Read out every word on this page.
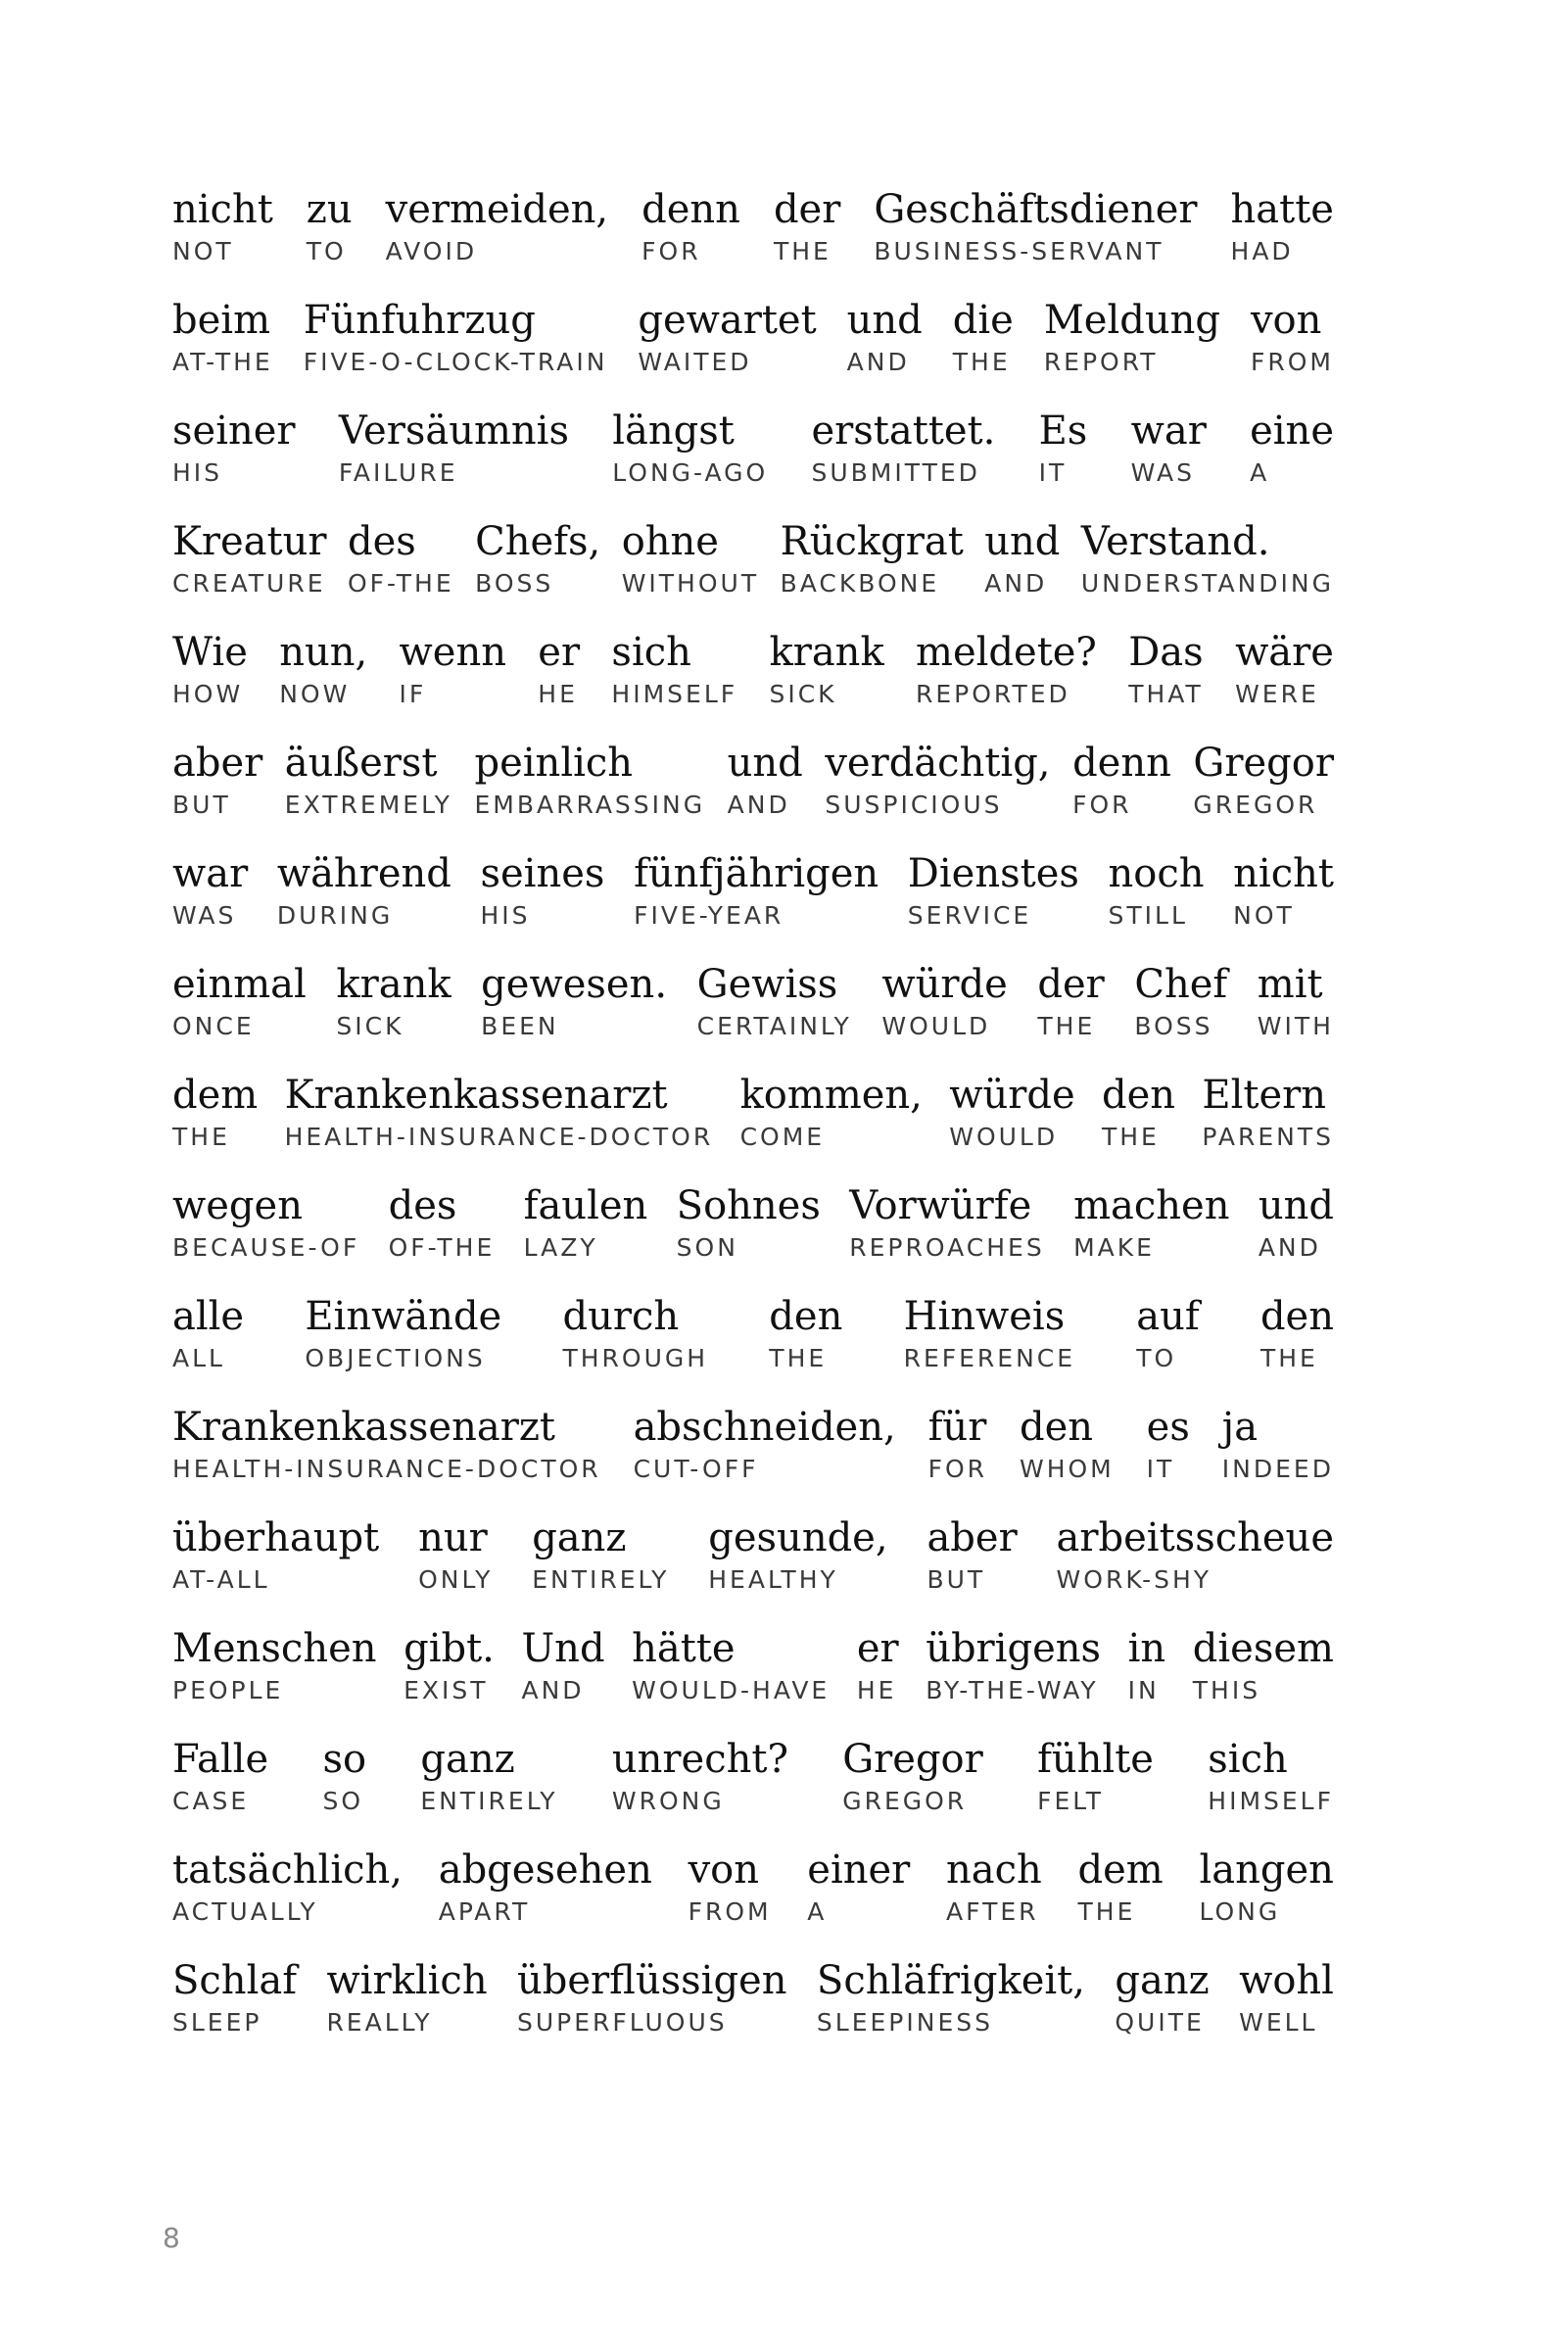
nicht
NOT
zu
TO
vermeiden,
AVOID
denn
FOR
der
THE
Geschäftsdiener
BUSINESS-SERVANT
hatte
HAD
beim
AT-THE
Fünfuhrzug
FIVE-O-CLOCK-TRAIN
gewartet
WAITED
und
AND
die
THE
Meldung
REPORT
von
FROM
seiner
HIS
Versäumnis
FAILURE
längst
LONG-AGO
erstattet.
SUBMITTED
Es
IT
war
WAS
eine
A
Kreatur
CREATURE
des
OF-THE
Chefs,
BOSS
ohne
WITHOUT
Rückgrat
BACKBONE
und
AND
Verstand.
UNDERSTANDING
Wie
HOW
nun,
NOW
wenn
IF
er
HE
sich
HIMSELF
krank
SICK
meldete?
REPORTED
Das
THAT
wäre
WERE
aber
BUT
äußerst
EXTREMELY
peinlich
EMBARRASSING
und
AND
verdächtig,
SUSPICIOUS
denn
FOR
Gregor
GREGOR
war
WAS
während
DURING
seines
HIS
fünfjährigen
FIVE-YEAR
Dienstes
SERVICE
noch
STILL
nicht
NOT
einmal
ONCE
krank
SICK
gewesen.
BEEN
Gewiss
CERTAINLY
würde
WOULD
der
THE
Chef
BOSS
mit
WITH
dem
THE
Krankenkassenarzt
HEALTH-INSURANCE-DOCTOR
kommen,
COME
würde
WOULD
den
THE
Eltern
PARENTS
wegen
BECAUSE-OF
des
OF-THE
faulen
LAZY
Sohnes
SON
Vorwürfe
REPROACHES
machen
MAKE
und
AND
alle
ALL
Einwände
OBJECTIONS
durch
THROUGH
den
THE
Hinweis
REFERENCE
auf
TO
den
THE
Krankenkassenarzt
HEALTH-INSURANCE-DOCTOR
abschneiden,
CUT-OFF
für
FOR
den
WHOM
es
IT
ja
INDEED
überhaupt
AT-ALL
nur
ONLY
ganz
ENTIRELY
gesunde,
HEALTHY
aber
BUT
arbeitsscheue
WORK-SHY
Menschen
PEOPLE
gibt.
EXIST
Und
AND
hätte
WOULD-HAVE
er
HE
übrigens
BY-THE-WAY
in
IN
diesem
THIS
Falle
CASE
so
SO
ganz
ENTIRELY
unrecht?
WRONG
Gregor
GREGOR
fühlte
FELT
sich
HIMSELF
tatsächlich,
ACTUALLY
abgesehen
APART
von
FROM
einer
A
nach
AFTER
dem
THE
langen
LONG
Schlaf
SLEEP
wirklich
REALLY
überflüssigen
SUPERFLUOUS
Schläfrigkeit,
SLEEPINESS
ganz
QUITE
wohl
WELL
8
